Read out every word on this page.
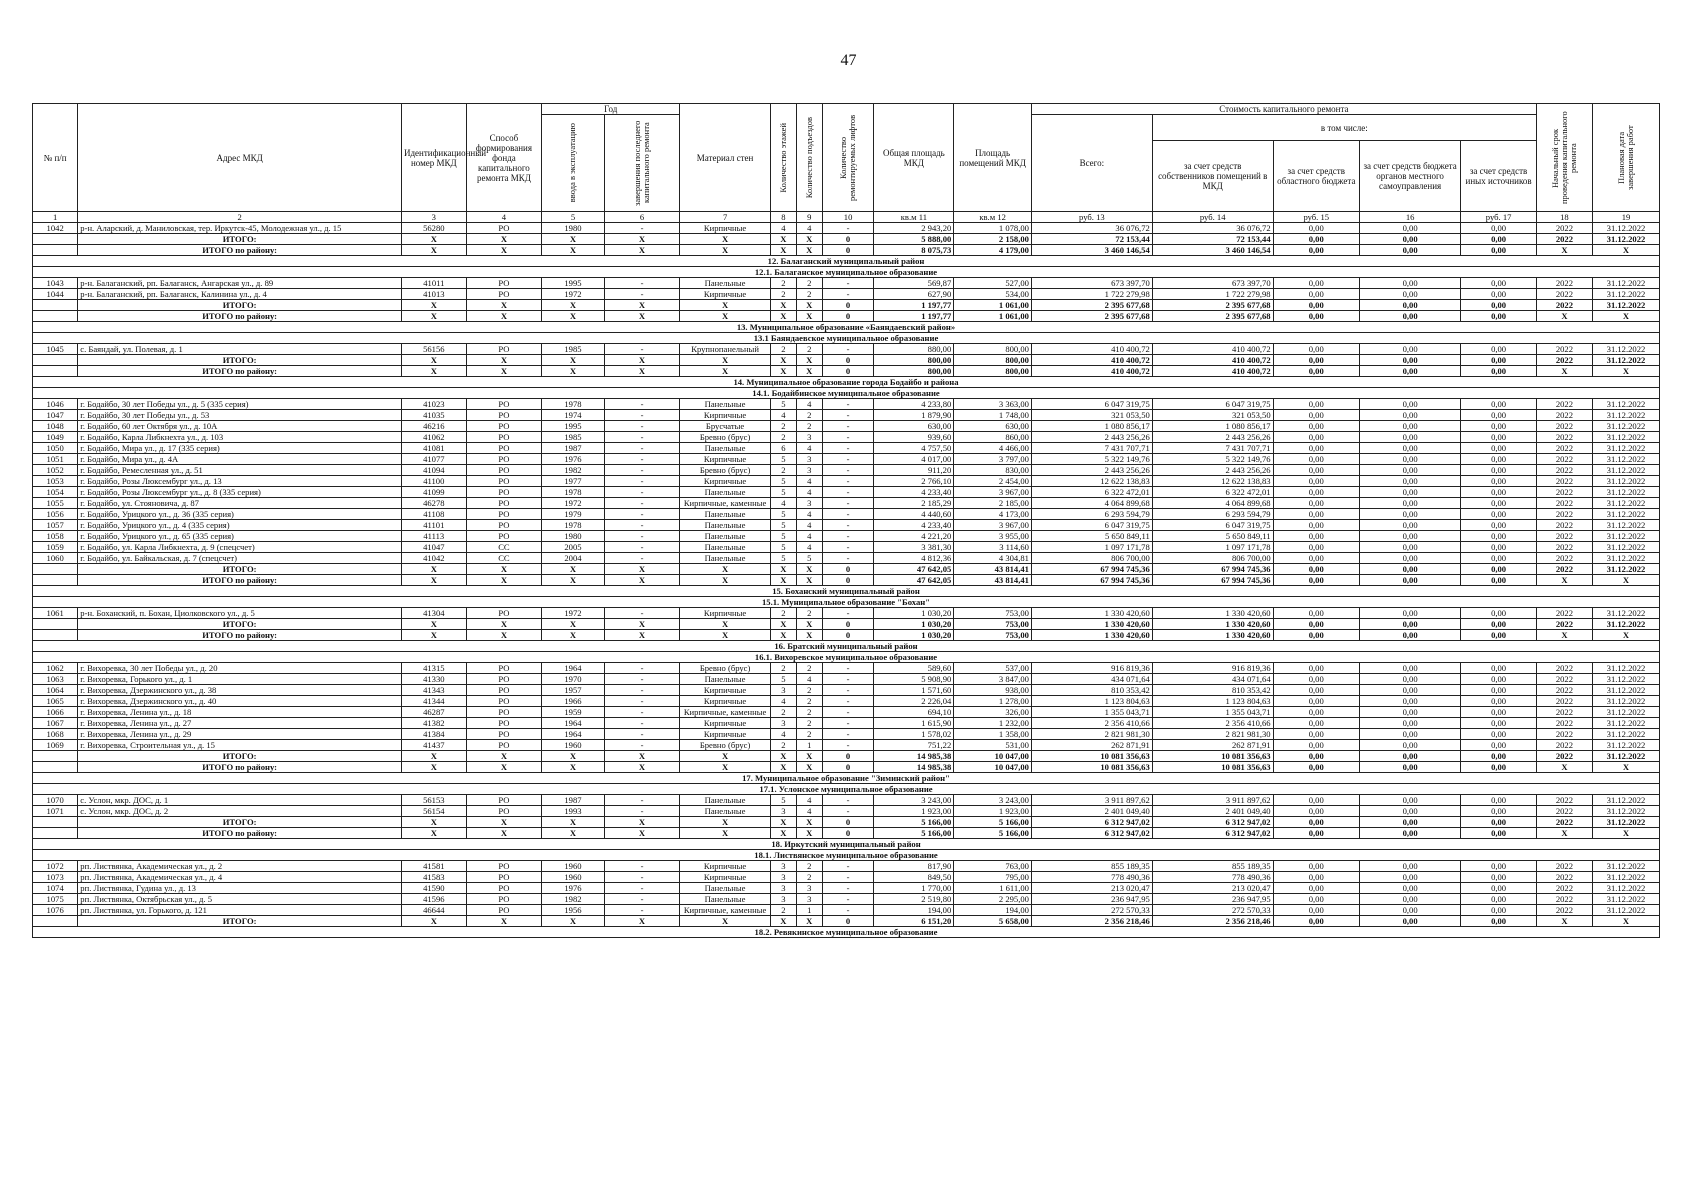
47
№ п/п	Адрес МКД	Идентификационный номер МКД	Способ формирования фонда капитального ремонта МКД	Год		Материал стен	Количество этажей	Количество подъездов	Количество ремонтируемых лифтов	Общая площадь МКД	Площадь помещений МКД	Стоимость капитального ремонта					Начальный срок проведения капитального ремонта	Плановая дата завершения работ

				ввода в эксплуатацию	завершения последнего капитального ремонта							Всего:	в том числе:					
													за счет средств собственников помещений в МКД	за счет средств областного бюджета	за счет средств бюджета органов местного самоуправления	за счет средств иных источников		
1	2	3	4	5	6	7	8	9	10	кв.м 11	кв.м 12	руб. 13	руб. 14	руб. 15	16	руб. 17	18	19
1042	р-н. Аларский, д. Маниловская, тер. Иркутск-45, Молодежная ул., д. 15	56280	РО	1980	-	Кирпичные	4	4	-	2 943,20	1 078,00	36 076,72	36 076,72	0,00	0,00	0,00	2022	31.12.2022
	ИТОГО:	X	X	X	X	X	X	X	0	5 888,00	2 158,00	72 153,44	72 153,44	0,00	0,00	0,00	2022	31.12.2022
	ИТОГО по району:	X	X	X	X	X	X	X	0	8 075,73	4 179,00	3 460 146,54	3 460 146,54	0,00	0,00	0,00	X	X
12. Балаганский муниципальный район																		
12.1. Балаганское муниципальное образование																		
1043	р-н. Балаганский, рп. Балаганск, Ангарская ул., д. 89	41011	РО	1995	-	Панельные	2	2	-	569,87	527,00	673 397,70	673 397,70	0,00	0,00	0,00	2022	31.12.2022
1044	р-н. Балаганский, рп. Балаганск, Калинина ул., д. 4	41013	РО	1972	-	Кирпичные	2	2	-	627,90	534,00	1 722 279,98	1 722 279,98	0,00	0,00	0,00	2022	31.12.2022
	ИТОГО:	X	X	X	X	X	X	X	0	1 197,77	1 061,00	2 395 677,68	2 395 677,68	0,00	0,00	0,00	2022	31.12.2022
	ИТОГО по району:	X	X	X	X	X	X	X	0	1 197,77	1 061,00	2 395 677,68	2 395 677,68	0,00	0,00	0,00	X	X
13. Муниципальное образование «Баяндаевский район»																		
13.1 Баяндаевское муниципальное образование																		
1045	с. Баяндай, ул. Полевая, д. 1	56156	РО	1985	-	Крупнопанельный	2	2	-	880,00	800,00	410 400,72	410 400,72	0,00	0,00	0,00	2022	31.12.2022
	ИТОГО:	X	X	X	X	X	X	X	0	800,00	800,00	410 400,72	410 400,72	0,00	0,00	0,00	2022	31.12.2022
	ИТОГО по району:	X	X	X	X	X	X	X	0	800,00	800,00	410 400,72	410 400,72	0,00	0,00	0,00	X	X
14. Муниципальное образование города Бодайбо и района																		
14.1. Бодайбинское муниципальное образование																		
1046	г. Бодайбо, 30 лет Победы ул., д. 5 (335 серия)	41023	РО	1978	-	Панельные	5	4	-	4 233,80	3 363,00	6 047 319,75	6 047 319,75	0,00	0,00	0,00	2022	31.12.2022
1047	г. Бодайбо, 30 лет Победы ул., д. 53	41035	РО	1974	-	Кирпичные	4	2	-	1 879,90	1 748,00	321 053,50	321 053,50	0,00	0,00	0,00	2022	31.12.2022
1048	г. Бодайбо, 60 лет Октября ул., д. 10А	46216	РО	1995	-	Брусчатые	2	2	-	630,00	630,00	1 080 856,17	1 080 856,17	0,00	0,00	0,00	2022	31.12.2022
1049	г. Бодайбо, Карла Либкнехта ул., д. 103	41062	РО	1985	-	Бревно (брус)	2	3	-	939,60	860,00	2 443 256,26	2 443 256,26	0,00	0,00	0,00	2022	31.12.2022
1050	г. Бодайбо, Мира ул., д. 17 (335 серия)	41081	РО	1987	-	Панельные	6	4	-	4 757,50	4 466,00	7 431 707,71	7 431 707,71	0,00	0,00	0,00	2022	31.12.2022
1051	г. Бодайбо, Мира ул., д. 4А	41077	РО	1976	-	Кирпичные	5	3	-	4 017,00	3 797,00	5 322 149,76	5 322 149,76	0,00	0,00	0,00	2022	31.12.2022
1052	г. Бодайбо, Ремесленная ул., д. 51	41094	РО	1982	-	Бревно (брус)	2	3	-	911,20	830,00	2 443 256,26	2 443 256,26	0,00	0,00	0,00	2022	31.12.2022
1053	г. Бодайбо, Розы Люксембург ул., д. 13	41100	РО	1977	-	Кирпичные	5	4	-	2 766,10	2 454,00	12 622 138,83	12 622 138,83	0,00	0,00	0,00	2022	31.12.2022
1054	г. Бодайбо, Розы Люксембург ул., д. 8 (335 серия)	41099	РО	1978	-	Панельные	5	4	-	4 233,40	3 967,00	6 322 472,01	6 322 472,01	0,00	0,00	0,00	2022	31.12.2022
1055	г. Бодайбо, ул. Стояновича, д. 87	46278	РО	1972	-	Кирпичные, каменные	4	3	-	2 185,29	2 185,00	4 064 899,68	4 064 899,68	0,00	0,00	0,00	2022	31.12.2022
1056	г. Бодайбо, Урицкого ул., д. 36 (335 серия)	41108	РО	1979	-	Панельные	5	4	-	4 440,60	4 173,00	6 293 594,79	6 293 594,79	0,00	0,00	0,00	2022	31.12.2022
1057	г. Бодайбо, Урицкого ул., д. 4 (335 серия)	41101	РО	1978	-	Панельные	5	4	-	4 233,40	3 967,00	6 047 319,75	6 047 319,75	0,00	0,00	0,00	2022	31.12.2022
1058	г. Бодайбо, Урицкого ул., д. 65 (335 серия)	41113	РО	1980	-	Панельные	5	4	-	4 221,20	3 955,00	5 650 849,11	5 650 849,11	0,00	0,00	0,00	2022	31.12.2022
1059	г. Бодайбо, ул. Карла Либкнехта, д. 9 (спецсчет)	41047	СС	2005	-	Панельные	5	4	-	3 381,30	3 114,60	1 097 171,78	1 097 171,78	0,00	0,00	0,00	2022	31.12.2022
1060	г. Бодайбо, ул. Байкальская, д. 7 (спецсчет)	41042	СС	2004	-	Панельные	5	5	-	4 812,36	4 304,81	806 700,00	806 700,00	0,00	0,00	0,00	2022	31.12.2022
	ИТОГО:	X	X	X	X	X	X	X	0	47 642,05	43 814,41	67 994 745,36	67 994 745,36	0,00	0,00	0,00	2022	31.12.2022
	ИТОГО по району:	X	X	X	X	X	X	X	0	47 642,05	43 814,41	67 994 745,36	67 994 745,36	0,00	0,00	0,00	X	X
15. Боханский муниципальный район																		
15.1. Муниципальное образование "Бохан"																		
1061	р-н. Боханский, п. Бохан, Циолковского ул., д. 5	41304	РО	1972	-	Кирпичные	2	2	-	1 030,20	753,00	1 330 420,60	1 330 420,60	0,00	0,00	0,00	2022	31.12.2022
	ИТОГО:	X	X	X	X	X	X	X	0	1 030,20	753,00	1 330 420,60	1 330 420,60	0,00	0,00	0,00	2022	31.12.2022
	ИТОГО по району:	X	X	X	X	X	X	X	0	1 030,20	753,00	1 330 420,60	1 330 420,60	0,00	0,00	0,00	X	X
16. Братский муниципальный район																		
16.1. Вихоревское муниципальное образование																		
1062	г. Вихоревка, 30 лет Победы ул., д. 20	41315	РО	1964	-	Бревно (брус)	2	2	-	589,60	537,00	916 819,36	916 819,36	0,00	0,00	0,00	2022	31.12.2022
1063	г. Вихоревка, Горького ул., д. 1	41330	РО	1970	-	Панельные	5	4	-	5 908,90	3 847,00	434 071,64	434 071,64	0,00	0,00	0,00	2022	31.12.2022
1064	г. Вихоревка, Дзержинского ул., д. 38	41343	РО	1957	-	Кирпичные	3	2	-	1 571,60	938,00	810 353,42	810 353,42	0,00	0,00	0,00	2022	31.12.2022
1065	г. Вихоревка, Дзержинского ул., д. 40	41344	РО	1966	-	Кирпичные	4	2	-	2 226,04	1 278,00	1 123 804,63	1 123 804,63	0,00	0,00	0,00	2022	31.12.2022
1066	г. Вихоревка, Ленина ул., д. 18	46287	РО	1959	-	Кирпичные, каменные	2	2	-	694,10	326,00	1 355 043,71	1 355 043,71	0,00	0,00	0,00	2022	31.12.2022
1067	г. Вихоревка, Ленина ул., д. 27	41382	РО	1964	-	Кирпичные	3	2	-	1 615,90	1 232,00	2 356 410,66	2 356 410,66	0,00	0,00	0,00	2022	31.12.2022
1068	г. Вихоревка, Ленина ул., д. 29	41384	РО	1964	-	Кирпичные	4	2	-	1 578,02	1 358,00	2 821 981,30	2 821 981,30	0,00	0,00	0,00	2022	31.12.2022
1069	г. Вихоревка, Строительная ул., д. 15	41437	РО	1960	-	Бревно (брус)	2	1	-	751,22	531,00	262 871,91	262 871,91	0,00	0,00	0,00	2022	31.12.2022
	ИТОГО:	X	X	X	X	X	X	X	0	14 985,38	10 047,00	10 081 356,63	10 081 356,63	0,00	0,00	0,00	2022	31.12.2022
	ИТОГО по району:	X	X	X	X	X	X	X	0	14 985,38	10 047,00	10 081 356,63	10 081 356,63	0,00	0,00	0,00	X	X
17. Муниципальное образование "Зиминский район"																		
17.1. Услонское муниципальное образование																		
1070	с. Услон, мкр. ДОС, д. 1	56153	РО	1987	-	Панельные	5	4	-	3 243,00	3 243,00	3 911 897,62	3 911 897,62	0,00	0,00	0,00	2022	31.12.2022
1071	с. Услон, мкр. ДОС, д. 2	56154	РО	1993	-	Панельные	3	4	-	1 923,00	1 923,00	2 401 049,40	2 401 049,40	0,00	0,00	0,00	2022	31.12.2022
	ИТОГО:	X	X	X	X	X	X	X	0	5 166,00	5 166,00	6 312 947,02	6 312 947,02	0,00	0,00	0,00	2022	31.12.2022
	ИТОГО по району:	X	X	X	X	X	X	X	0	5 166,00	5 166,00	6 312 947,02	6 312 947,02	0,00	0,00	0,00	X	X
18. Иркутский муниципальный район																		
18.1. Листвянское муниципальное образование																		
1072	рп. Листвянка, Академическая ул., д. 2	41581	РО	1960	-	Кирпичные	3	2	-	817,90	763,00	855 189,35	855 189,35	0,00	0,00	0,00	2022	31.12.2022
1073	рп. Листвянка, Академическая ул., д. 4	41583	РО	1960	-	Кирпичные	3	2	-	849,50	795,00	778 490,36	778 490,36	0,00	0,00	0,00	2022	31.12.2022
1074	рп. Листвянка, Гудина ул., д. 13	41590	РО	1976	-	Панельные	3	3	-	1 770,00	1 611,00	213 020,47	213 020,47	0,00	0,00	0,00	2022	31.12.2022
1075	рп. Листвянка, Октябрьская ул., д. 5	41596	РО	1982	-	Панельные	3	3	-	2 519,80	2 295,00	236 947,95	236 947,95	0,00	0,00	0,00	2022	31.12.2022
1076	рп. Листвянка, ул. Горького, д. 121	46644	РО	1956	-	Кирпичные, каменные	2	1	-	194,00	194,00	272 570,33	272 570,33	0,00	0,00	0,00	2022	31.12.2022
	ИТОГО:	X	X	X	X	X	X	X	0	6 151,20	5 658,00	2 356 218,46	2 356 218,46	0,00	0,00	0,00	X	X
18.2. Ревякинское муниципальное образование																		
